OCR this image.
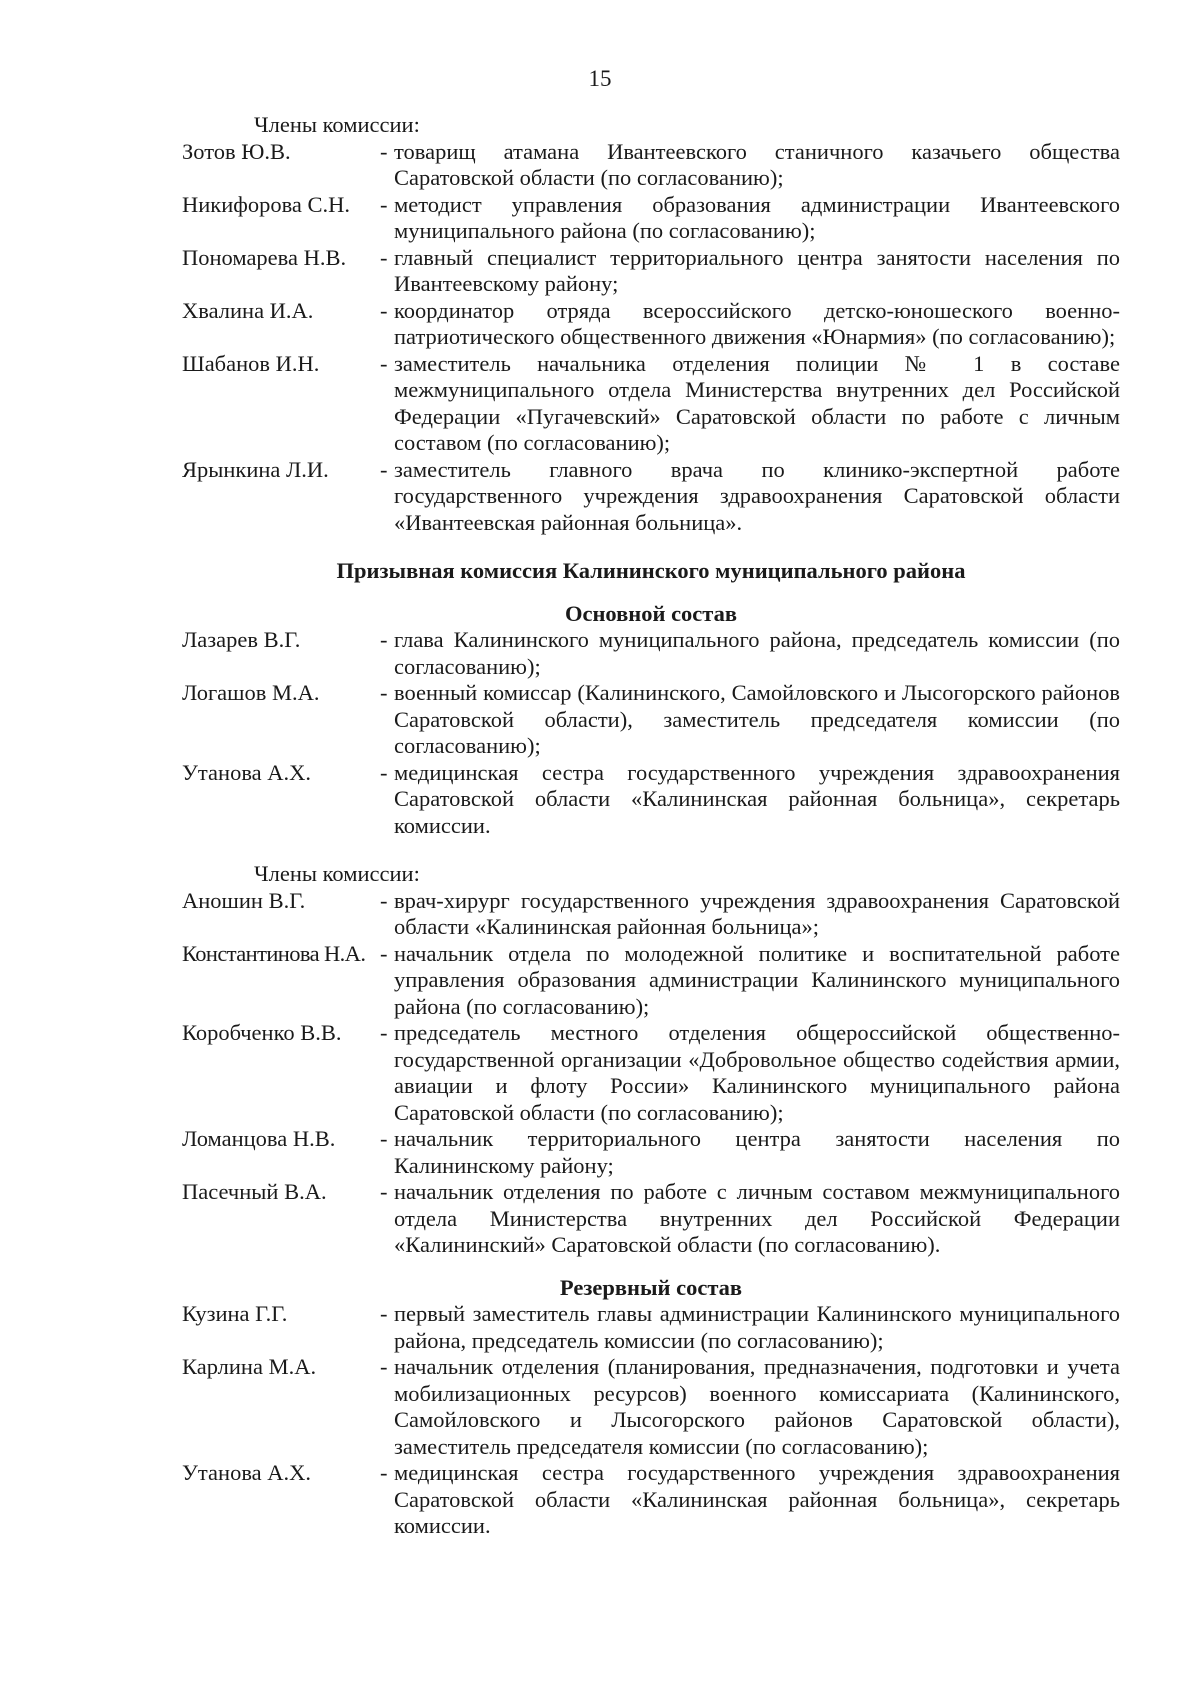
15

Члены комиссии:

Зотов Ю.В.	- товарищ атамана Ивантеевского станичного казачьего общества Саратовской области (по согласованию);
Никифорова С.Н.	- методист управления образования администрации Ивантеевского муниципального района (по согласованию);
Пономарева Н.В.	- главный специалист территориального центра занятости населения по Ивантеевскому району;
Хвалина И.А.	- координатор отряда всероссийского детско-юношеского военно-патриотического общественного движения «Юнармия» (по согласованию);
Шабанов И.Н.	- заместитель начальника отделения полиции № 1 в составе межмуниципального отдела Министерства внутренних дел Российской Федерации «Пугачевский» Саратовской области по работе с личным составом (по согласованию);
Ярынкина Л.И.	- заместитель главного врача по клинико-экспертной работе государственного учреждения здравоохранения Саратовской области «Ивантеевская районная больница».

Призывная комиссия Калининского муниципального района

Основной состав

Лазарев В.Г.	- глава Калининского муниципального района, председатель комиссии (по согласованию);
Логашов М.А.	- военный комиссар (Калининского, Самойловского и Лысогорского районов Саратовской области), заместитель председателя комиссии (по согласованию);
Утанова А.Х.	- медицинская сестра государственного учреждения здравоохранения Саратовской области «Калининская районная больница», секретарь комиссии.

Члены комиссии:

Аношин В.Г.	- врач-хирург государственного учреждения здравоохранения Саратовской области «Калининская районная больница»;
Константинова Н.А. - начальник отдела по молодежной политике и воспитательной работе управления образования администрации Калининского муниципального района (по согласованию);
Коробченко В.В.	- председатель местного отделения общероссийской общественно-государственной организации «Добровольное общество содействия армии, авиации и флоту России» Калининского муниципального района Саратовской области (по согласованию);
Ломанцова Н.В.	- начальник территориального центра занятости населения по Калининскому району;
Пасечный В.А.	- начальник отделения по работе с личным составом межмуниципального отдела Министерства внутренних дел Российской Федерации «Калининский» Саратовской области (по согласованию).

Резервный состав

Кузина Г.Г.	- первый заместитель главы администрации Калининского муниципального района, председатель комиссии (по согласованию);
Карлина М.А.	- начальник отделения (планирования, предназначения, подготовки и учета мобилизационных ресурсов) военного комиссариата (Калининского, Самойловского и Лысогорского районов Саратовской области), заместитель председателя комиссии (по согласованию);
Утанова А.Х.	- медицинская сестра государственного учреждения здравоохранения Саратовской области «Калининская районная больница», секретарь комиссии.
